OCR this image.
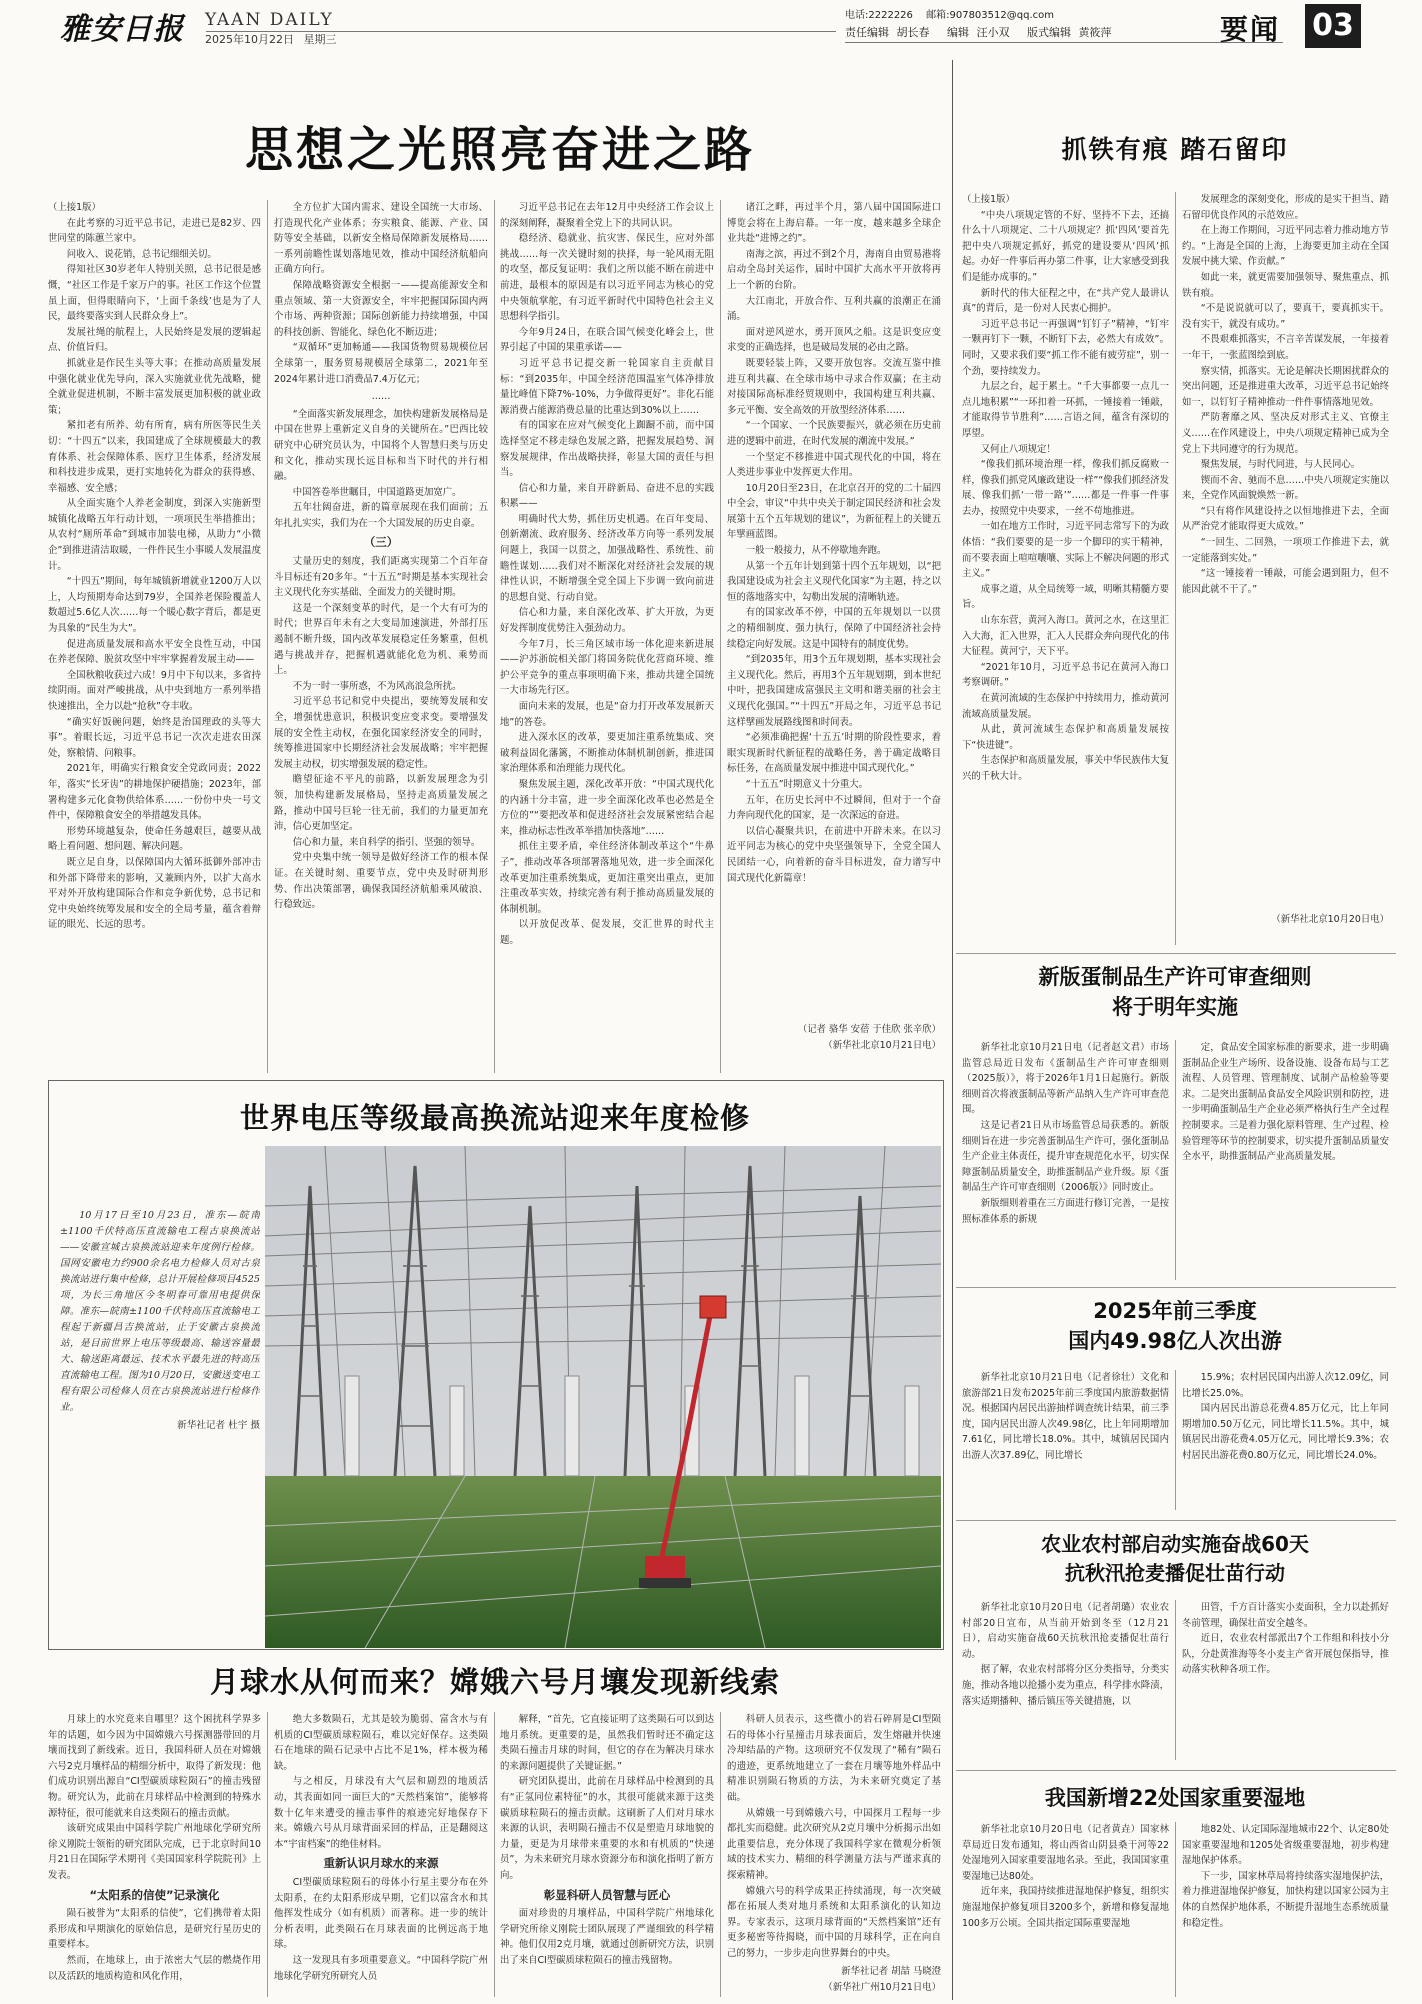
雅安日报 YAAN DAILY
2025年10月22日 星期三
电话:2222226 邮箱:907803512@qq.com
责任编辑 胡长春 编辑 汪小双 版式编辑 黄筱萍	要闻 03
思想之光照亮奋进之路

（上接1版）

在此考察的习近平总书记，走进已是82岁、四世同堂的陈蕙兰家中。

问收入、说花销，总书记细细关切。

得知社区30岁老年人特别关照，总书记很是感慨，“社区工作是千家万户的事。社区工作这个位置虽上面，但得眼睛向下，‘上面千条线’也是为了人民，最终要落实到人民群众身上”。

发展社绳的航程上，人民始终是发展的逻辑起点、价值旨归。

抓就业是作民生头等大事；在推动高质量发展中强化就业优先导向，深入实施就业优先战略，健全就业促进机制，不断丰富发展更加积极的就业政策；

紧扣老有所养、幼有所育，病有所医等民生关切：“十四五”以来，我国建成了全球规模最大的教育体系、社会保障体系、医疗卫生体系，经济发展和科技进步成果，更打实地转化为群众的获得感、幸福感、安全感；

从全面实施个人养老金制度，到深入实施新型城镇化战略五年行动计划，一项项民生举措推出；从农村“厕所革命”到城市加装电梯，从助力“小微企”到推进清洁取暖，一件件民生小事暖人发展温度计。

“十四五”期间，每年城镇新增就业1200万人以上，人均预期寿命达到79岁，全国养老保险覆盖人数超过5.6亿人次……每一个暖心数字背后，都是更为具象的“民生为大”。

促进高质量发展和高水平安全良性互动，中国在养老保障、脱贫攻坚中牢牢掌握着发展主动——

全国秋粮收获过六成！9月中下旬以来，多省持续阴雨。面对严峻挑战，从中央到地方一系列举措快速推出，全力以赴“抢秋”夺丰收。

“确实好饭碗问题，始终是治国理政的头等大事”。着眼长远，习近平总书记一次次走进农田深处，察粮情、问粮事。

2021年，明确实行粮食安全党政同责；2022年，落实“长牙齿”的耕地保护硬措施；2023年，部署构建多元化食物供给体系……一份份中央一号文件中，保障粮食安全的举措越发具体。

形势环境越复杂，使命任务越艰巨，越要从战略上看问题、想问题、解决问题。

既立足自身，以保障国内大循环抵御外部冲击和外部下降带来的影响，又兼顾内外，以扩大高水平对外开放构建国际合作和竞争新优势，总书记和党中央始终统筹发展和安全的全局考量，蕴含着辩证的眼光、长远的思考。

全方位扩大国内需求、建设全国统一大市场、打造现代化产业体系；夯实粮食、能源、产业、国防等安全基础，以新安全格局保障新发展格局……一系列前瞻性谋划落地见效，推动中国经济航船向正确方向行。

保障战略资源安全根据一——提高能源安全和重点领域、第一大资源安全，牢牢把握国际国内两个市场、两种资源；国际创新能力持续增强，中国的科技创新、智能化、绿色化不断迈进；

“双循环”更加畅通——我国货物贸易规模位居全球第一，服务贸易规模居全球第二，2021年至2024年累计进口消费品7.4万亿元；

……

“全面落实新发展理念，加快构建新发展格局是中国在世界上重新定义自身的关键所在。”巴西比较研究中心研究员认为，中国将个人智慧归类与历史和文化，推动实现长远目标和当下时代的并行相融。

中国答卷举世瞩目，中国道路更加宽广。

五年壮阔奋进，新的篇章展现在我们面前；五年扎扎实实，我们为在一个大国发展的历史自豪。

（三）

丈量历史的刻度，我们距离实现第二个百年奋斗目标还有20多年。“十五五”时期是基本实现社会主义现代化夯实基础、全面发力的关键时期。

这是一个深刻变革的时代，是一个大有可为的时代；世界百年未有之大变局加速演进，外部打压遏制不断升级，国内改革发展稳定任务繁重，但机遇与挑战并存，把握机遇就能化危为机、乘势而上。

不为一时一事所惑，不为风高浪急所扰。

习近平总书记和党中央提出，要统筹发展和安全，增强忧患意识，积极识变应变求变。要增强发展的安全性主动权，在强化国家经济安全的同时，统筹推进国家中长期经济社会发展战略；牢牢把握发展主动权，切实增强发展的稳定性。

瞻望征途不平凡的前路，以新发展理念为引领，加快构建新发展格局，坚持走高质量发展之路，推动中国号巨轮一往无前，我们的力量更加充沛，信心更加坚定。

信心和力量，来自科学的指引、坚强的领导。

党中央集中统一领导是做好经济工作的根本保证。在关键时刻、重要节点，党中央及时研判形势、作出决策部署，确保我国经济航船乘风破浪、行稳致远。

习近平总书记在去年12月中央经济工作会议上的深刻阐释，凝聚着全党上下的共同认识。

稳经济、稳就业、抗灾害、保民生，应对外部挑战……每一次关键时刻的抉择，每一轮风雨无阻的攻坚，都反复证明：我们之所以能不断在前进中前进，最根本的原因是有以习近平同志为核心的党中央领航掌舵，有习近平新时代中国特色社会主义思想科学指引。

今年9月24日，在联合国气候变化峰会上，世界引起了中国的果重承诺——

习近平总书记提交新一轮国家自主贡献目标：“到2035年，中国全经济范围温室气体净排放量比峰值下降7%-10%，力争做得更好”。非化石能源消费占能源消费总量的比重达到30%以上……

有的国家在应对气候变化上踟蹰不前，而中国选择坚定不移走绿色发展之路，把握发展趋势、洞察发展规律，作出战略抉择，彰显大国的责任与担当。

信心和力量，来自开辟新局、奋进不息的实践积累——

明确时代大势，抓住历史机遇。在百年变局、创新潮流、政府服务、经济改革方向等一系列发展问题上，我国一以贯之，加强战略性、系统性、前瞻性谋划……我们对不断深化对经济社会发展的规律性认识，不断增强全党全国上下步调一致向前进的思想自觉、行动自觉。

信心和力量，来自深化改革、扩大开放，为更好发挥制度优势注入强劲动力。

今年7月，长三角区域市场一体化迎来新进展——沪苏浙皖相关部门将国务院优化营商环境、维护公平竞争的重点事项明确下来，推动共建全国统一大市场先行区。

面向未来的发展，也是“奋力打开改革发展新天地”的答卷。

进入深水区的改革，要更加注重系统集成、突破利益固化藩篱，不断推动体制机制创新，推进国家治理体系和治理能力现代化。

聚焦发展主题，深化改革开放：“中国式现代化的内涵十分丰富，进一步全面深化改革也必然是全方位的”“要把改革和促进经济社会发展紧密结合起来，推动标志性改革举措加快落地”……

抓住主要矛盾，牵住经济体制改革这个“牛鼻子”，推动改革各项部署落地见效，进一步全面深化改革更加注重系统集成，更加注重突出重点，更加注重改革实效，持续完善有利于推动高质量发展的体制机制。

以开放促改革、促发展，交汇世界的时代主题。

诸江之畔，再过半个月，第八届中国国际进口博览会将在上海启幕。一年一度，越来越多全球企业共赴“进博之约”。

南海之滨，再过不到2个月，海南自由贸易港将启动全岛封关运作，届时中国扩大高水平开放将再上一个新的台阶。

大江南北，开放合作、互利共赢的浪潮正在涌涌。

面对逆风逆水，勇开顶风之船。这是识变应变求变的正确选择，也是破局发展的必由之路。

既要轻装上阵，又要开放包容。交流互鉴中推进互利共赢、在全球市场中寻求合作双赢；在主动对接国际高标准经贸规则中，我国构建互利共赢、多元平衡、安全高效的开放型经济体系……

“一个国家、一个民族要振兴，就必须在历史前进的逻辑中前进，在时代发展的潮流中发展。”

一个坚定不移推进中国式现代化的中国，将在人类进步事业中发挥更大作用。

10月20日至23日，在北京召开的党的二十届四中全会，审议“中共中央关于制定国民经济和社会发展第十五个五年规划的建议”，为新征程上的关键五年擘画蓝图。

一般一般接力，从不停歇地奔跑。

从第一个五年计划到第十四个五年规划，以“把我国建设成为社会主义现代化国家”为主题，持之以恒的落地落实中，勾勒出发展的清晰轨迹。

有的国家改革不停，中国的五年规划以一以贯之的精细制度、强力执行，保障了中国经济社会持续稳定向好发展。这是中国特有的制度优势。

“到2035年，用3个五年规划期，基本实现社会主义现代化。然后，再用3个五年规划期，到本世纪中叶，把我国建成富强民主文明和谐美丽的社会主义现代化强国。”“十四五”开局之年，习近平总书记这样擘画发展路线图和时间表。

“必须准确把握‘十五五’时期的阶段性要求，着眼实现新时代新征程的战略任务，善于确定战略目标任务，在高质量发展中推进中国式现代化。”

“十五五”时期意义十分重大。

五年，在历史长河中不过瞬间，但对于一个奋力奔向现代化的国家，是一次深远的奋进。

以信心凝聚共识，在前进中开辟未来。在以习近平同志为核心的党中央坚强领导下，全党全国人民团结一心，向着新的奋斗目标进发，奋力谱写中国式现代化新篇章！

（记者 骆华 安蓓 于佳欣 张辛欣）

（新华社北京10月21日电）

抓铁有痕 踏石留印

（上接1版）

“中央八项规定管的不好、坚持不下去，还搞什么十八项规定、二十八项规定？抓‘四风’要首先把中央八项规定抓好，抓党的建设要从‘四风’抓起。办好一件事后再办第二件事，让大家感受到我们是能办成事的。”

新时代的伟大征程之中，在“共产党人最讲认真”的背后，是一份对人民衷心拥护。

习近平总书记一再强调“钉钉子”精神，“钉牢一颗再钉下一颗，不断钉下去，必然大有成效”。同时，又要求我们要“抓工作不能有疲劳症”，别一个劲，要持续发力。

九层之台，起于累土。“千大事都要一点儿一点儿地积累”“一环扣着一环抓，一锤接着一锤敲，才能取得节节胜利”……言语之间，蕴含有深切的厚望。

又何止八项规定！

“像我们抓环境治理一样，像我们抓反腐败一样，像我们抓党风廉政建设一样”“像我们抓经济发展、像我们抓‘一带一路’”……都是一件事一件事去办，按照党中央要求，一丝不苟地推进。

一如在地方工作时，习近平同志常写下的为政体悟：“我们要要的是一步一个脚印的实干精神，而不要表面上喧喧嚷嚷、实际上不解决问题的形式主义。”

成事之道，从全局统筹一域，明晰其精髓方要旨。

山东东营，黄河入海口。黄河之水，在这里汇入大海，汇入世界，汇入人民群众奔向现代化的伟大征程。黄河宁，天下平。

“2021年10月，习近平总书记在黄河入海口考察调研。”

在黄河流域的生态保护中持续用力，推动黄河流域高质量发展。

从此，黄河流域生态保护和高质量发展按下“快进键”。

生态保护和高质量发展，事关中华民族伟大复兴的千秋大计。

发展理念的深刻变化，形成的是实干担当、踏石留印优良作风的示范效应。

在上海工作期间，习近平同志着力推动地方节约。“上海是全国的上海，上海要更加主动在全国发展中挑大梁、作贡献。”

如此一来，就更需要加强领导、聚焦重点、抓铁有痕。

“不是说说就可以了，要真干，要真抓实干。没有实干，就没有成功。”

不畏艰难抓落实，不言辛苦谋发展，一年接着一年干，一张蓝图绘到底。

察实情，抓落实。无论是解决长期困扰群众的突出问题，还是推进重大改革，习近平总书记始终如一，以钉钉子精神推动一件件事情落地见效。

严防奢靡之风、坚决反对形式主义、官僚主义……在作风建设上，中央八项规定精神已成为全党上下共同遵守的行为规范。

聚焦发展，与时代同进，与人民同心。

锲而不舍、驰而不息……中央八项规定实施以来，全党作风面貌焕然一新。

“只有将作风建设持之以恒地推进下去，全面从严治党才能取得更大成效。”

“一回生、二回熟，一项项工作推进下去，就一定能落到实处。”

“这一锤接着一锤敲，可能会遇到阻力，但不能因此就不干了。”

（新华社北京10月20日电）

新版蛋制品生产许可审查细则
将于明年实施

新华社北京10月21日电（记者赵文君）市场监管总局近日发布《蛋制品生产许可审查细则（2025版）》，将于2026年1月1日起施行。新版细则首次将液蛋制品等新产品纳入生产许可审查范围。

这是记者21日从市场监管总局获悉的。新版细则旨在进一步完善蛋制品生产许可，强化蛋制品生产企业主体责任，提升审查规范化水平，切实保障蛋制品质量安全，助推蛋制品产业升级。原《蛋制品生产许可审查细则（2006版）》同时废止。

新版细则着重在三方面进行修订完善，一是按照标准体系的新规

定，食品安全国家标准的新要求，进一步明确蛋制品企业生产场所、设备设施、设备布局与工艺流程、人员管理、管理制度、试制产品检验等要求。二是突出蛋制品食品安全风险识别和防控，进一步明确蛋制品生产企业必须严格执行生产全过程控制要求。三是着力强化原料管理、生产过程、检验管理等环节的控制要求，切实提升蛋制品质量安全水平，助推蛋制品产业高质量发展。

2025年前三季度
国内49.98亿人次出游

新华社北京10月21日电（记者徐壮）文化和旅游部21日发布2025年前三季度国内旅游数据情况。根据国内居民出游抽样调查统计结果，前三季度，国内居民出游人次49.98亿，比上年同期增加7.61亿，同比增长18.0%。其中，城镇居民国内出游人次37.89亿，同比增长

15.9%；农村居民国内出游人次12.09亿，同比增长25.0%。

国内居民出游总花费4.85万亿元，比上年同期增加0.50万亿元，同比增长11.5%。其中，城镇居民出游花费4.05万亿元，同比增长9.3%；农村居民出游花费0.80万亿元，同比增长24.0%。

农业农村部启动实施奋战60天
抗秋汛抢麦播促壮苗行动

新华社北京10月20日电（记者胡璐）农业农村部20日宣布，从当前开始到冬至（12月21日），启动实施奋战60天抗秋汛抢麦播促壮苗行动。

据了解，农业农村部将分区分类指导，分类实施，推动各地以抢播小麦为重点，科学排水降渍，落实适期播种、播后镇压等关键措施，以

田管，千方百计落实小麦面积，全力以赴抓好冬前管理，确保壮苗安全越冬。

近日，农业农村部派出7个工作组和科技小分队，分赴黄淮海等冬小麦主产省开展包保指导，推动落实秋种各项工作。

我国新增22处国家重要湿地

新华社北京10月20日电（记者黄垚）国家林草局近日发布通知，将山西省山阴县桑干河等22处湿地列入国家重要湿地名录。至此，我国国家重要湿地已达80处。

近年来，我国持续推进湿地保护修复，组织实施湿地保护修复项目3200多个，新增和修复湿地100多万公顷。全国共指定国际重要湿地

地82处、认定国际湿地城市22个、认定80处国家重要湿地和1205处省级重要湿地，初步构建湿地保护体系。

下一步，国家林草局将持续落实湿地保护法，着力推进湿地保护修复，加快构建以国家公园为主体的自然保护地体系，不断提升湿地生态系统质量和稳定性。

世界电压等级最高换流站迎来年度检修

10月17日至10月23日，准东—皖南±1100千伏特高压直流输电工程古泉换流站——安徽宣城古泉换流站迎来年度例行检修。国网安徽电力约900余名电力检修人员对古泉换流站进行集中检修，总计开展检修项目4525项，为长三角地区今冬明春可靠用电提供保障。准东—皖南±1100千伏特高压直流输电工程起于新疆昌吉换流站，止于安徽古泉换流站，是目前世界上电压等级最高、输送容量最大、输送距离最远、技术水平最先进的特高压直流输电工程。图为10月20日，安徽送变电工程有限公司检修人员在古泉换流站进行检修作业。

新华社记者 杜宇 摄

月球水从何而来？嫦娥六号月壤发现新线索

月球上的水究竟来自哪里？这个困扰科学界多年的话题，如今因为中国嫦娥六号探测器带回的月壤而找到了新线索。近日，我国科研人员在对嫦娥六号2克月壤样品的精细分析中，取得了新发现：他们成功识别出源自“CI型碳质球粒陨石”的撞击残留物。研究认为，此前在月球样品中检测到的特殊水源特征，很可能就来自这类陨石的撞击贡献。

该研究成果由中国科学院广州地球化学研究所徐义刚院士领衔的研究团队完成，已于北京时间10月21日在国际学术期刊《美国国家科学院院刊》上发表。

“太阳系的信使”记录演化

陨石被誉为“太阳系的信使”，它们携带着太阳系形成和早期演化的原始信息，是研究行星历史的重要样本。

然而，在地球上，由于浓密大气层的燃烧作用以及活跃的地质构造和风化作用，

绝大多数陨石，尤其是较为脆弱、富含水与有机质的CI型碳质球粒陨石，难以完好保存。这类陨石在地球的陨石记录中占比不足1%，样本极为稀缺。

与之相反，月球没有大气层和剧烈的地质活动，其表面如同一面巨大的“天然档案馆”，能够将数十亿年来遭受的撞击事件的痕迹完好地保存下来。嫦娥六号从月球背面采回的样品，正是翻阅这本“宇宙档案”的绝佳材料。

重新认识月球水的来源

CI型碳质球粒陨石的母体小行星主要分布在外太阳系，在约太阳系形成早期，它们以富含水和其他挥发性成分（如有机质）而著称。进一步的统计分析表明，此类陨石在月球表面的比例远高于地球。

这一发现具有多项重要意义。“中国科学院广州地球化学研究所研究人员

解释，“首先，它直接证明了这类陨石可以到达地月系统。更重要的是，虽然我们暂时还不确定这类陨石撞击月球的时间，但它的存在为解决月球水的来源问题提供了关键证据。”

研究团队提出，此前在月球样品中检测到的具有“正氢同位素特征”的水，其很可能就来源于这类碳质球粒陨石的撞击贡献。这刷新了人们对月球水来源的认识，表明陨石撞击不仅是塑造月球地貌的力量，更是为月球带来重要的水和有机质的“快递员”，为未来研究月球水资源分布和演化指明了新方向。

彰显科研人员智慧与匠心

面对珍贵的月壤样品，中国科学院广州地球化学研究所徐义刚院士团队展现了严谨细致的科学精神。他们仅用2克月壤，就通过创新研究方法，识别出了来自CI型碳质球粒陨石的撞击残留物。

科研人员表示，这些微小的岩石碎屑是CI型陨石的母体小行星撞击月球表面后，发生熔融并快速冷却结晶的产物。这项研究不仅发现了“稀有”陨石的遗迹，更系统地建立了一套在月壤等地外样品中精准识别陨石物质的方法，为未来研究奠定了基础。

从嫦娥一号到嫦娥六号，中国探月工程每一步都扎实而稳健。此次研究从2克月壤中分析揭示出如此重要信息，充分体现了我国科学家在微观分析领域的技术实力、精细的科学测量方法与严谨求真的探索精神。

嫦娥六号的科学成果正持续涌现，每一次突破都在拓展人类对地月系统和太阳系演化的认知边界。专家表示，这项月球背面的“天然档案馆”还有更多秘密等待揭晓，而中国的月球科学，正在向自己的努力，一步步走向世界舞台的中央。

新华社记者 胡喆 马晓澄

（新华社广州10月21日电）
